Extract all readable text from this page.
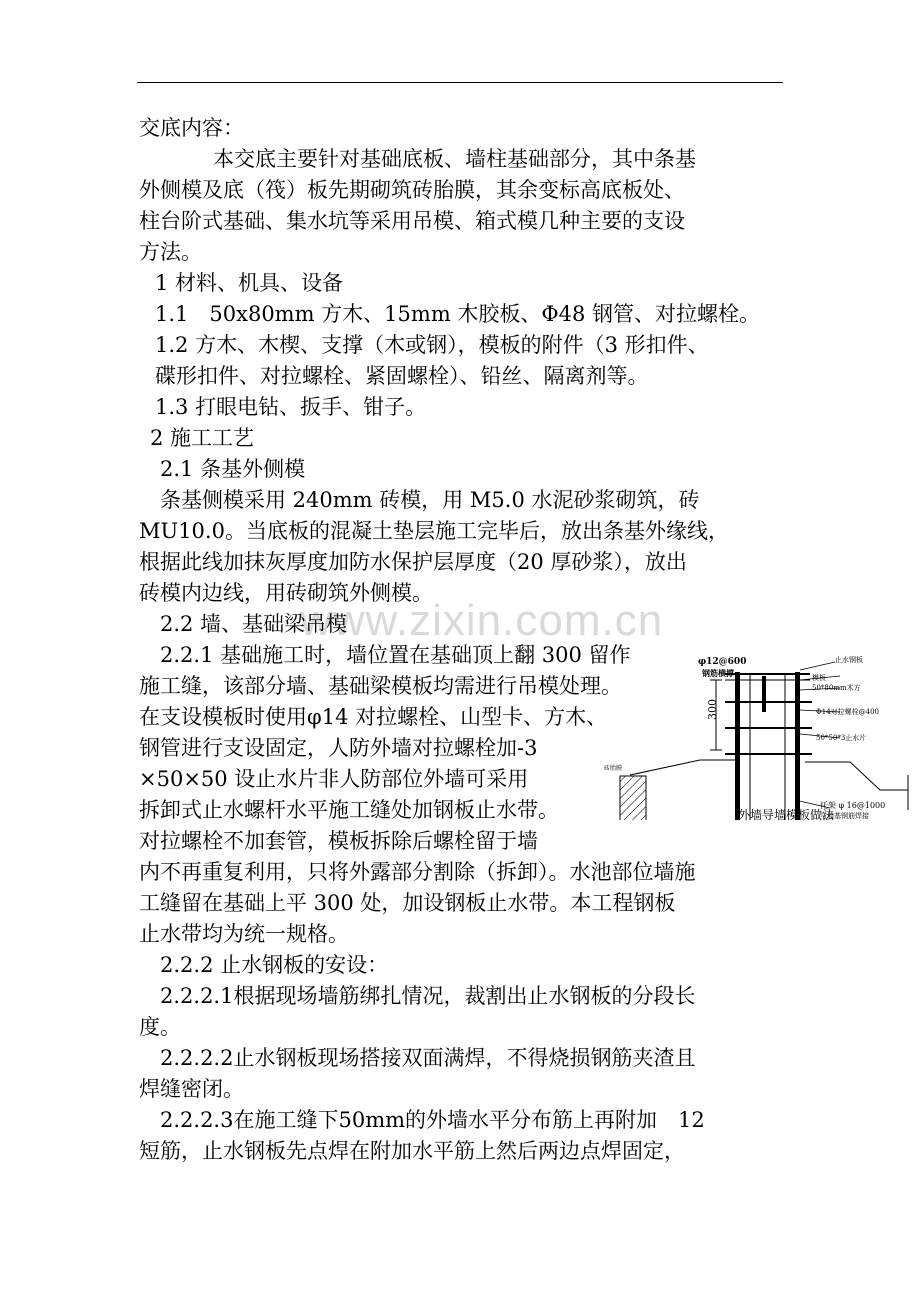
www.zixin.com.cn
交底内容：
本交底主要针对基础底板、墙柱基础部分，其中条基
外侧模及底（筏）板先期砌筑砖胎膜，其余变标高底板处、
柱台阶式基础、集水坑等采用吊模、箱式模几种主要的支设
方法。
1 材料、机具、设备
1.1　50x80mm 方木、15mm 木胶板、Φ48 钢管、对拉螺栓。
1.2 方木、木楔、支撑（木或钢），模板的附件（3 形扣件、
碟形扣件、对拉螺栓、紧固螺栓）、铅丝、隔离剂等。
1.3 打眼电钻、扳手、钳子。
2 施工工艺
2.1 条基外侧模
条基侧模采用 240mm 砖模，用 M5.0 水泥砂浆砌筑，砖
MU10.0。当底板的混凝土垫层施工完毕后，放出条基外缘线，
根据此线加抹灰厚度加防水保护层厚度（20 厚砂浆），放出
砖模内边线，用砖砌筑外侧模。
2.2 墙、基础梁吊模
2.2.1 基础施工时，墙位置在基础顶上翻 300 留作
施工缝，该部分墙、基础梁模板均需进行吊模处理。
在支设模板时使用φ14 对拉螺栓、山型卡、方木、
钢管进行支设固定，人防外墙对拉螺栓加-3
×50×50 设止水片非人防部位外墙可采用
拆卸式止水螺杆水平施工缝处加钢板止水带。
对拉螺栓不加套管，模板拆除后螺栓留于墙
内不再重复利用，只将外露部分割除（拆卸）。水池部位墙施
工缝留在基础上平 300 处，加设钢板止水带。本工程钢板
止水带均为统一规格。
2.2.2 止水钢板的安设：
2.2.2.1根据现场墙筋绑扎情况，裁割出止水钢板的分段长
度。
2.2.2.2止水钢板现场搭接双面满焊，不得烧损钢筋夹渣且
焊缝密闭。
2.2.2.3在施工缝下50mm的外墙水平分布筋上再附加　12
短筋，止水钢板先点焊在附加水平筋上然后两边点焊固定，
φ12@600
钢筋横撑
300
砖胎膜
止水钢板
模板
50*80mm木方
Φ14对拉螺栓@400
50*50*3止水片
托架 φ 16@1000
与墙基钢筋焊接
外墙导墙模板做法
